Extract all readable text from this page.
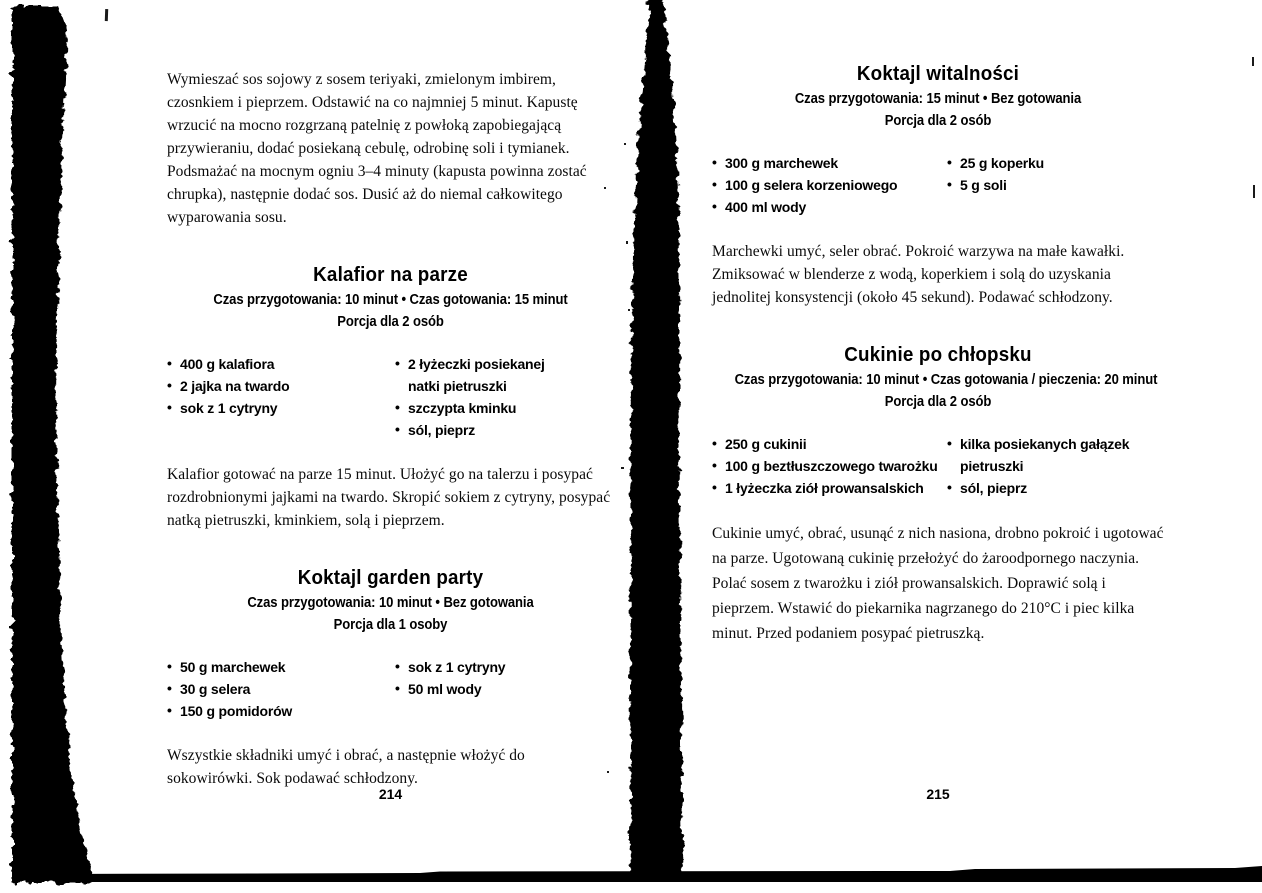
Wymieszać sos sojowy z sosem teriyaki, zmielonym imbirem, czosnkiem i pieprzem. Odstawić na co najmniej 5 minut. Kapustę wrzucić na mocno rozgrzaną patelnię z powłoką zapobiegającą przywieraniu, dodać posiekaną cebulę, odrobinę soli i tymianek. Podsmażać na mocnym ogniu 3–4 minuty (kapusta powinna zostać chrupka), następnie dodać sos. Dusić aż do niemal całkowitego wyparowania sosu.

Kalafior na parze

Czas przygotowania: 10 minut • Czas gotowania: 15 minut

Porcja dla 2 osób

• 400 g kalafiora
• 2 jajka na twardo
• sok z 1 cytryny
• 2 łyżeczki posiekanej natki pietruszki
• szczypta kminku
• sól, pieprz

Kalafior gotować na parze 15 minut. Ułożyć go na talerzu i posypać rozdrobnionymi jajkami na twardo. Skropić sokiem z cytryny, posypać natką pietruszki, kminkiem, solą i pieprzem.

Koktajl garden party

Czas przygotowania: 10 minut • Bez gotowania

Porcja dla 1 osoby

• 50 g marchewek
• 30 g selera
• 150 g pomidorów
• sok z 1 cytryny
• 50 ml wody

Wszystkie składniki umyć i obrać, a następnie włożyć do sokowirówki. Sok podawać schłodzony.

Koktajl witalności

Czas przygotowania: 15 minut • Bez gotowania

Porcja dla 2 osób

• 300 g marchewek
• 100 g selera korzeniowego
• 400 ml wody
• 25 g koperku
• 5 g soli

Marchewki umyć, seler obrać. Pokroić warzywa na małe kawałki. Zmiksować w blenderze z wodą, koperkiem i solą do uzyskania jednolitej konsystencji (około 45 sekund). Podawać schłodzony.

Cukinie po chłopsku

Czas przygotowania: 10 minut • Czas gotowania / pieczenia: 20 minut

Porcja dla 2 osób

• 250 g cukinii
• 100 g beztłuszczowego twarożku
• 1 łyżeczka ziół prowansalskich
• kilka posiekanych gałązek pietruszki
• sól, pieprz

Cukinie umyć, obrać, usunąć z nich nasiona, drobno pokroić i ugotować na parze. Ugotowaną cukinię przełożyć do żaroodpornego naczynia. Polać sosem z twarożku i ziół prowansalskich. Doprawić solą i pieprzem. Wstawić do piekarnika nagrzanego do 210°C i piec kilka minut. Przed podaniem posypać pietruszką.

214	215
